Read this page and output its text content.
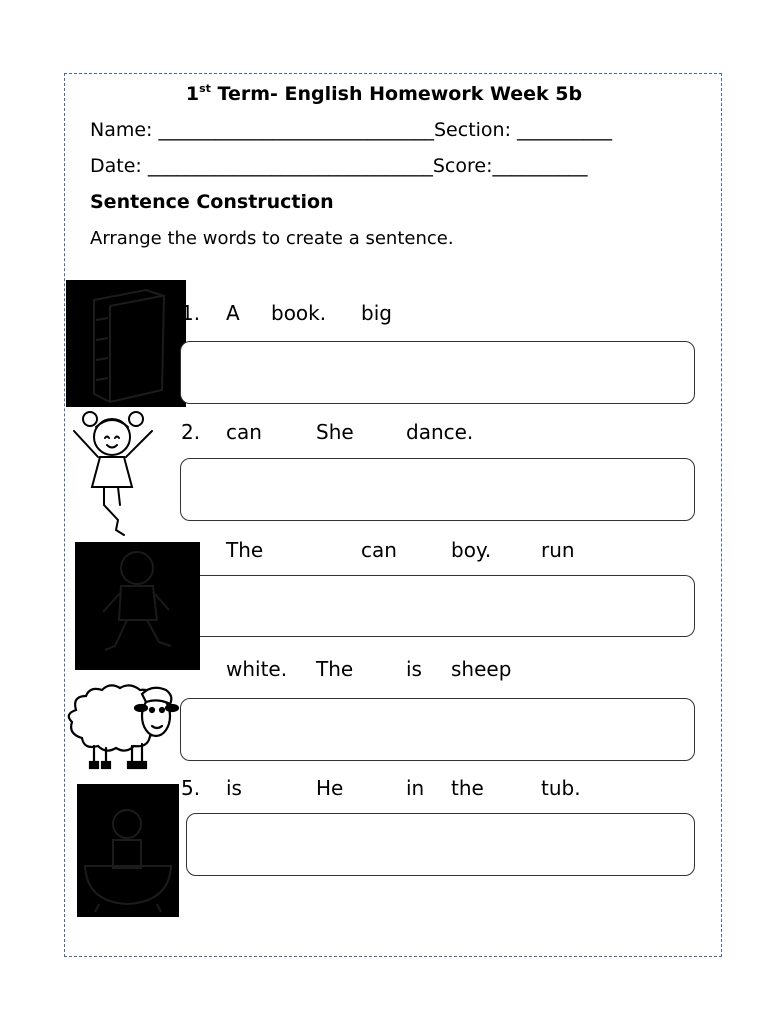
1st Term- English Homework Week 5b
Name: _____________________________Section: __________
Date: ______________________________Score:__________
Sentence Construction
Arrange the words to create a sentence.
1. A book. big
2. can	She	dance.
The	can	boy. run
white. The	is sheep
5. is	He	in the	tub.
